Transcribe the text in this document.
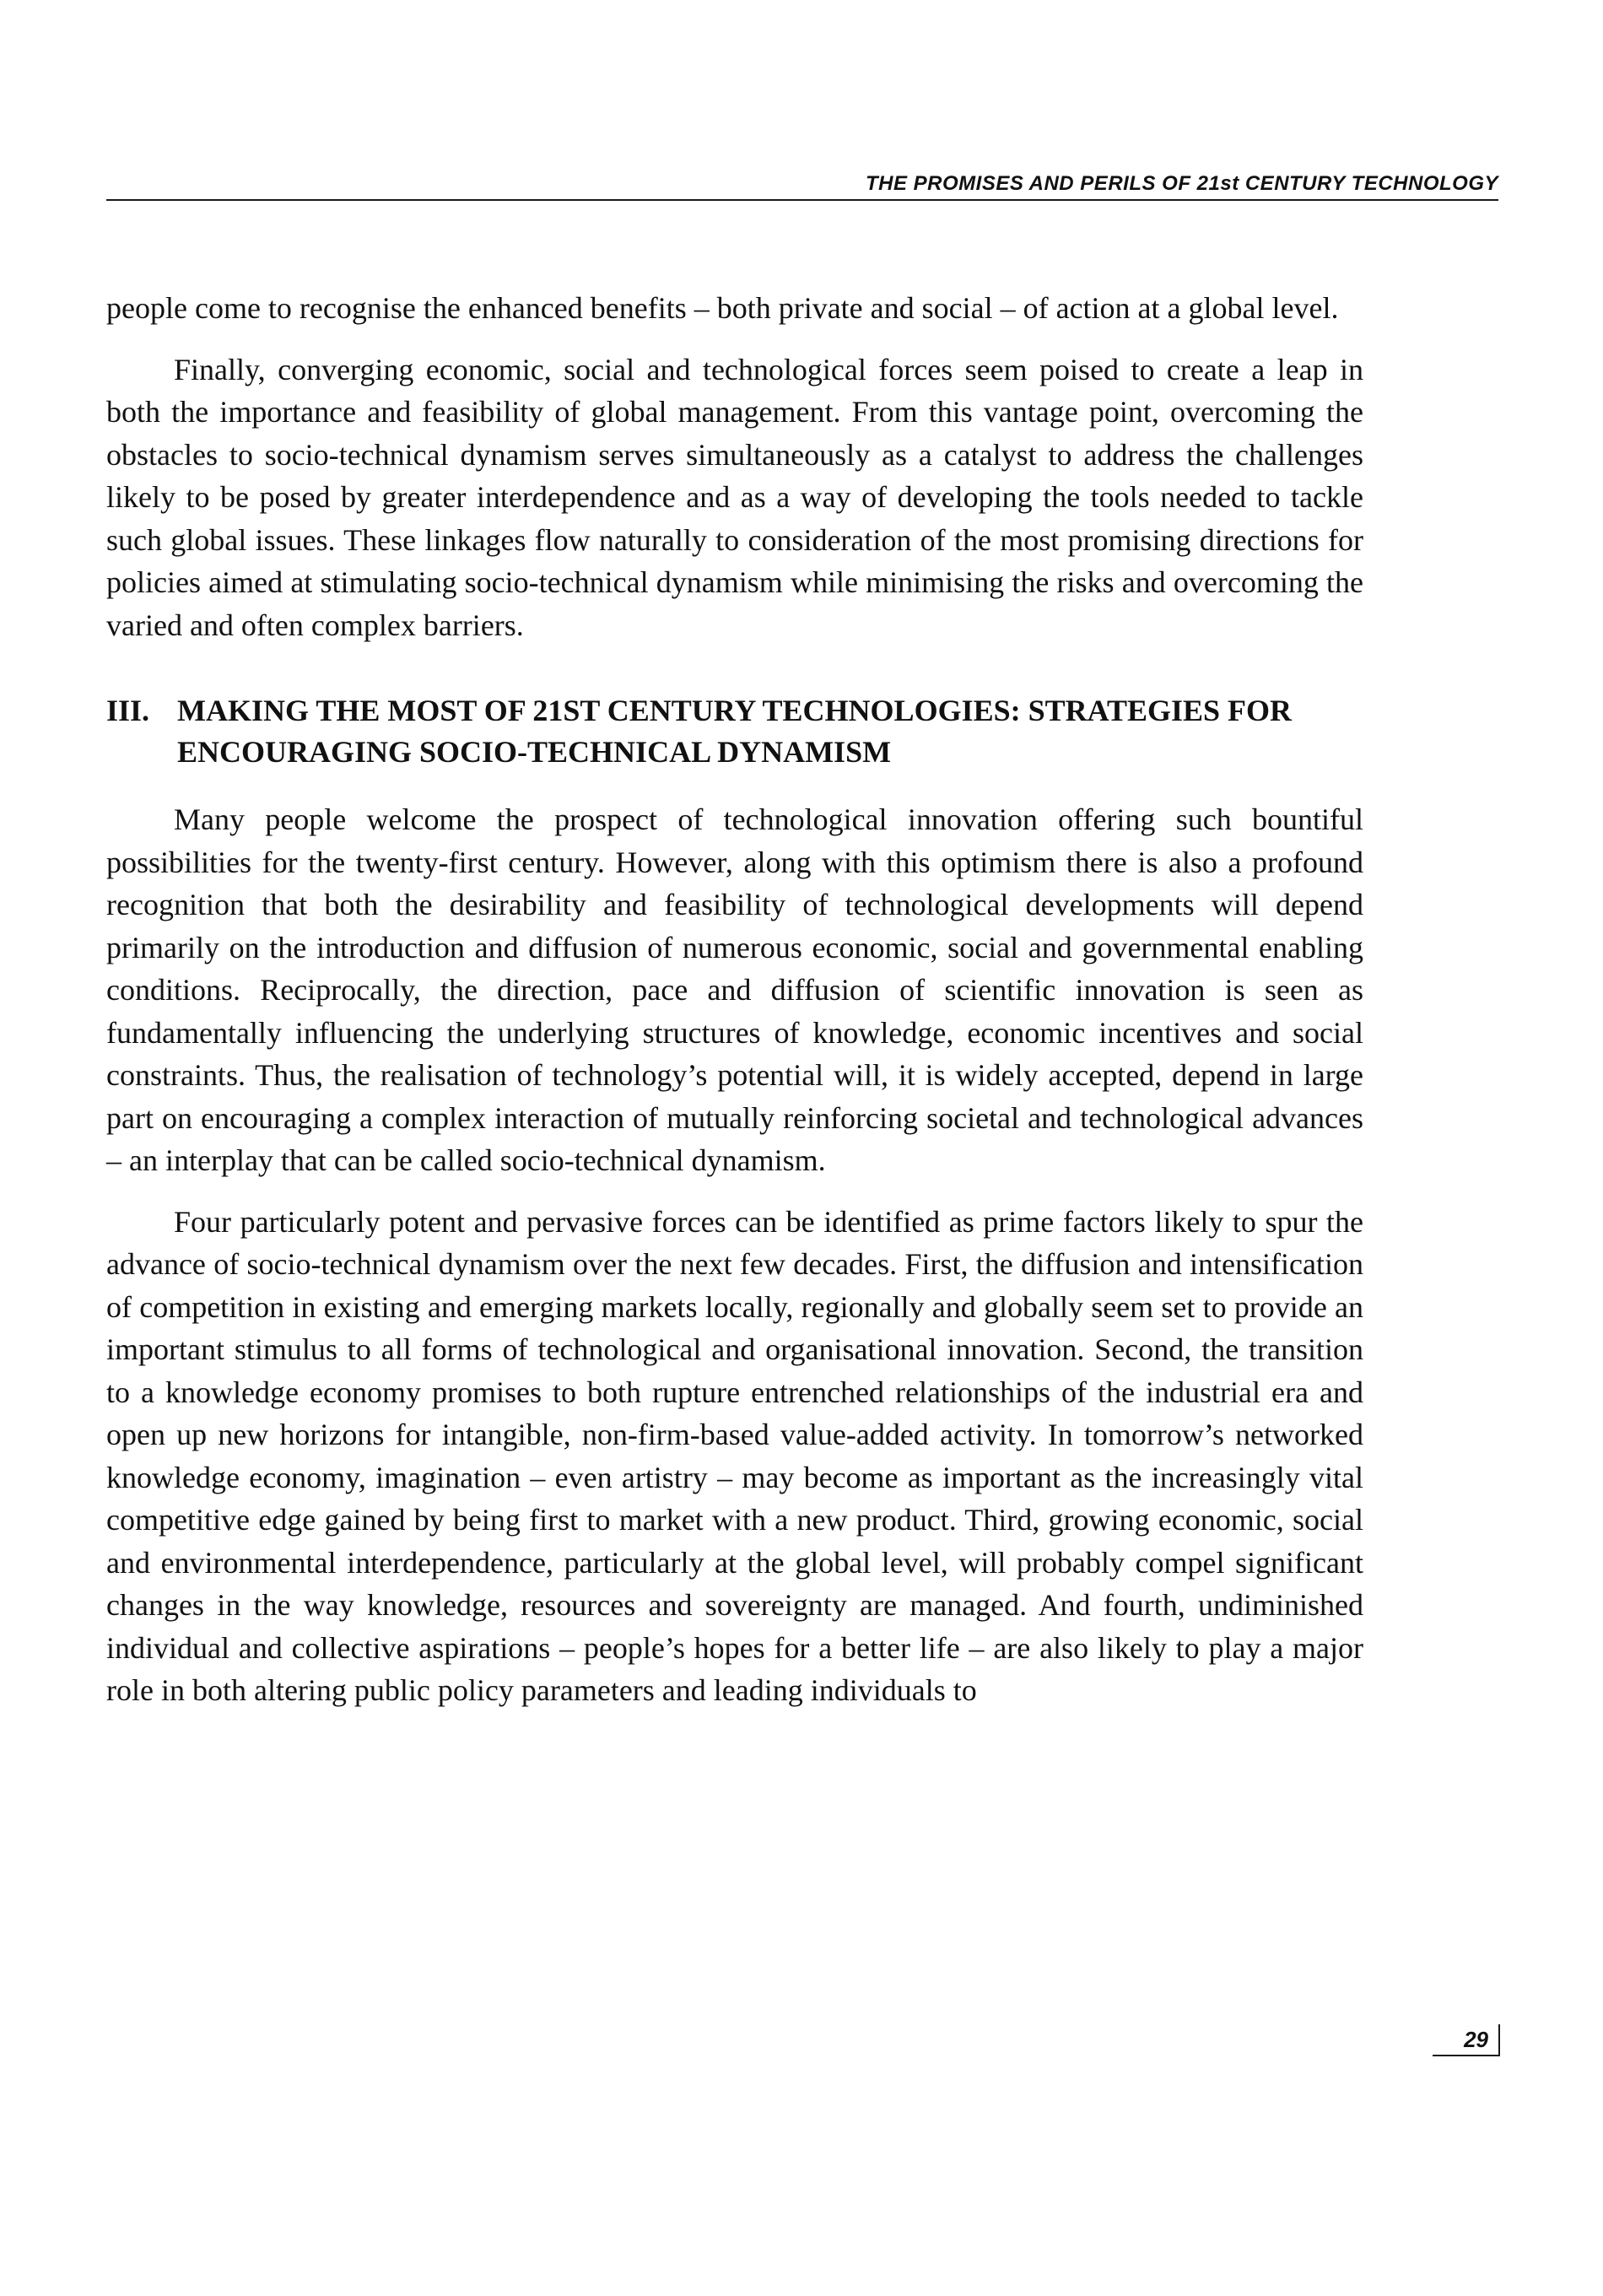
THE PROMISES AND PERILS OF 21st CENTURY TECHNOLOGY

people come to recognise the enhanced benefits – both private and social – of action at a global level.

Finally, converging economic, social and technological forces seem poised to create a leap in both the importance and feasibility of global management. From this vantage point, overcoming the obstacles to socio-technical dynamism serves simultaneously as a catalyst to address the challenges likely to be posed by greater interdependence and as a way of developing the tools needed to tackle such global issues. These linkages flow naturally to consideration of the most promising directions for policies aimed at stimulating socio-technical dynamism while minimising the risks and overcoming the varied and often complex barriers.

III. MAKING THE MOST OF 21ST CENTURY TECHNOLOGIES: STRATEGIES FOR ENCOURAGING SOCIO-TECHNICAL DYNAMISM

Many people welcome the prospect of technological innovation offering such bountiful possibilities for the twenty-first century. However, along with this optimism there is also a profound recognition that both the desirability and feasibility of technological developments will depend primarily on the introduction and diffusion of numerous economic, social and governmental enabling conditions. Reciprocally, the direction, pace and diffusion of scientific innovation is seen as fundamentally influencing the underlying structures of knowledge, economic incentives and social constraints. Thus, the realisation of technology’s potential will, it is widely accepted, depend in large part on encouraging a complex interaction of mutually reinforcing societal and technological advances – an interplay that can be called socio-technical dynamism.

Four particularly potent and pervasive forces can be identified as prime factors likely to spur the advance of socio-technical dynamism over the next few decades. First, the diffusion and intensification of competition in existing and emerging markets locally, regionally and globally seem set to provide an important stimulus to all forms of technological and organisational innovation. Second, the transition to a knowledge economy promises to both rupture entrenched relationships of the industrial era and open up new horizons for intangible, non-firm-based value-added activity. In tomorrow’s networked knowledge economy, imagination – even artistry – may become as important as the increasingly vital competitive edge gained by being first to market with a new product. Third, growing economic, social and environmental interdependence, particularly at the global level, will probably compel significant changes in the way knowledge, resources and sovereignty are managed. And fourth, undiminished individual and collective aspirations – people’s hopes for a better life – are also likely to play a major role in both altering public policy parameters and leading individuals to

29
